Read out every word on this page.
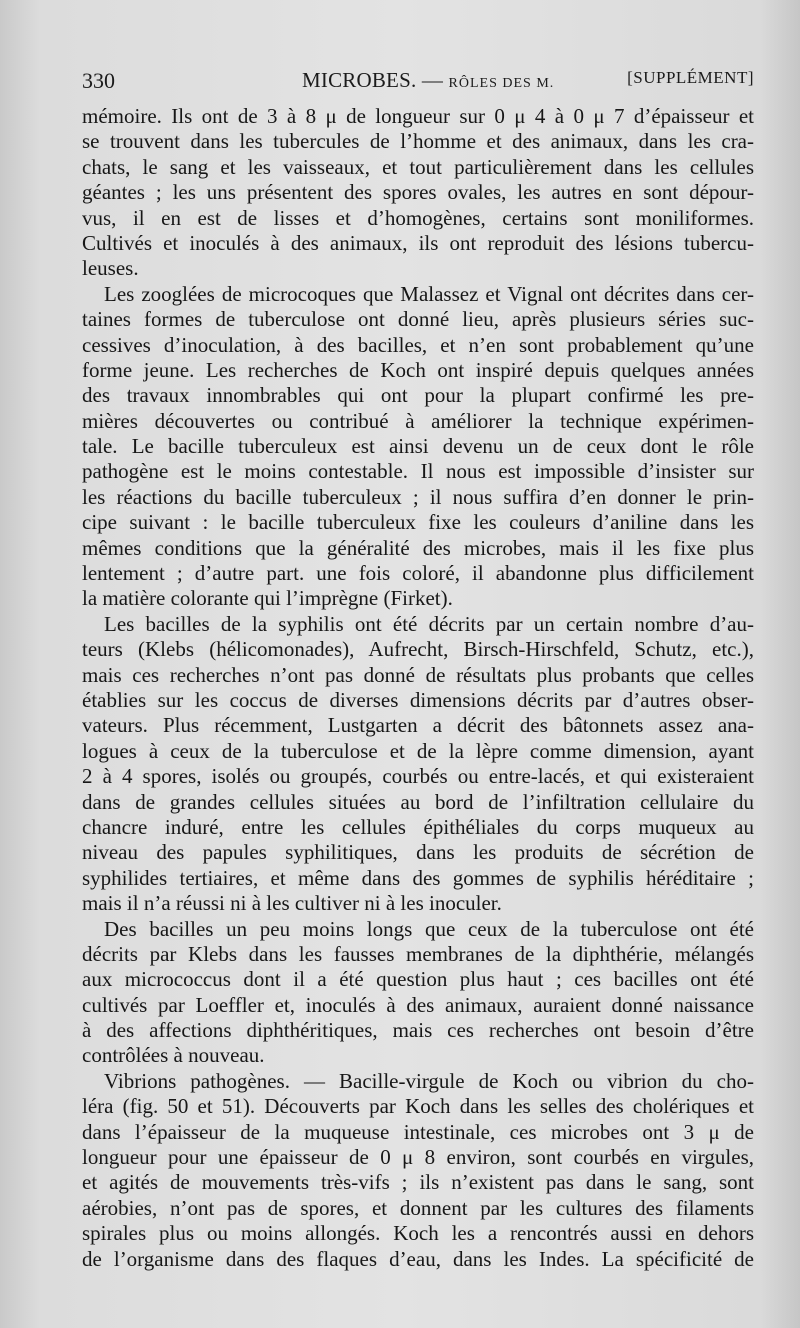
330	MICROBES. — RÔLES DES M.	[SUPPLÉMENT]
mémoire. Ils ont de 3 à 8 μ de longueur sur 0 μ 4 à 0 μ 7 d’épaisseur et
se trouvent dans les tubercules de l’homme et des animaux, dans les cra-
chats, le sang et les vaisseaux, et tout particulièrement dans les cellules
géantes ; les uns présentent des spores ovales, les autres en sont dépour-
vus, il en est de lisses et d’homogènes, certains sont moniliformes.
Cultivés et inoculés à des animaux, ils ont reproduit des lésions tubercu-
leuses.
Les zooglées de microcoques que Malassez et Vignal ont décrites dans cer-
taines formes de tuberculose ont donné lieu, après plusieurs séries suc-
cessives d’inoculation, à des bacilles, et n’en sont probablement qu’une
forme jeune. Les recherches de Koch ont inspiré depuis quelques années
des travaux innombrables qui ont pour la plupart confirmé les pre-
mières découvertes ou contribué à améliorer la technique expérimen-
tale. Le bacille tuberculeux est ainsi devenu un de ceux dont le rôle
pathogène est le moins contestable. Il nous est impossible d’insister sur
les réactions du bacille tuberculeux ; il nous suffira d’en donner le prin-
cipe suivant : le bacille tuberculeux fixe les couleurs d’aniline dans les
mêmes conditions que la généralité des microbes, mais il les fixe plus
lentement ; d’autre part. une fois coloré, il abandonne plus difficilement
la matière colorante qui l’imprègne (Firket).
Les bacilles de la syphilis ont été décrits par un certain nombre d’au-
teurs (Klebs (hélicomonades), Aufrecht, Birsch-Hirschfeld, Schutz, etc.),
mais ces recherches n’ont pas donné de résultats plus probants que celles
établies sur les coccus de diverses dimensions décrits par d’autres obser-
vateurs. Plus récemment, Lustgarten a décrit des bâtonnets assez ana-
logues à ceux de la tuberculose et de la lèpre comme dimension, ayant
2 à 4 spores, isolés ou groupés, courbés ou entre-lacés, et qui existeraient
dans de grandes cellules situées au bord de l’infiltration cellulaire du
chancre induré, entre les cellules épithéliales du corps muqueux au
niveau des papules syphilitiques, dans les produits de sécrétion de
syphilides tertiaires, et même dans des gommes de syphilis héréditaire ;
mais il n’a réussi ni à les cultiver ni à les inoculer.
Des bacilles un peu moins longs que ceux de la tuberculose ont été
décrits par Klebs dans les fausses membranes de la diphthérie, mélangés
aux micrococcus dont il a été question plus haut ; ces bacilles ont été
cultivés par Loeffler et, inoculés à des animaux, auraient donné naissance
à des affections diphthéritiques, mais ces recherches ont besoin d’être
contrôlées à nouveau.
Vibrions pathogènes. — Bacille-virgule de Koch ou vibrion du cho-
léra (fig. 50 et 51). Découverts par Koch dans les selles des cholériques et
dans l’épaisseur de la muqueuse intestinale, ces microbes ont 3 μ de
longueur pour une épaisseur de 0 μ 8 environ, sont courbés en virgules,
et agités de mouvements très-vifs ; ils n’existent pas dans le sang, sont
aérobies, n’ont pas de spores, et donnent par les cultures des filaments
spirales plus ou moins allongés. Koch les a rencontrés aussi en dehors
de l’organisme dans des flaques d’eau, dans les Indes. La spécificité de
